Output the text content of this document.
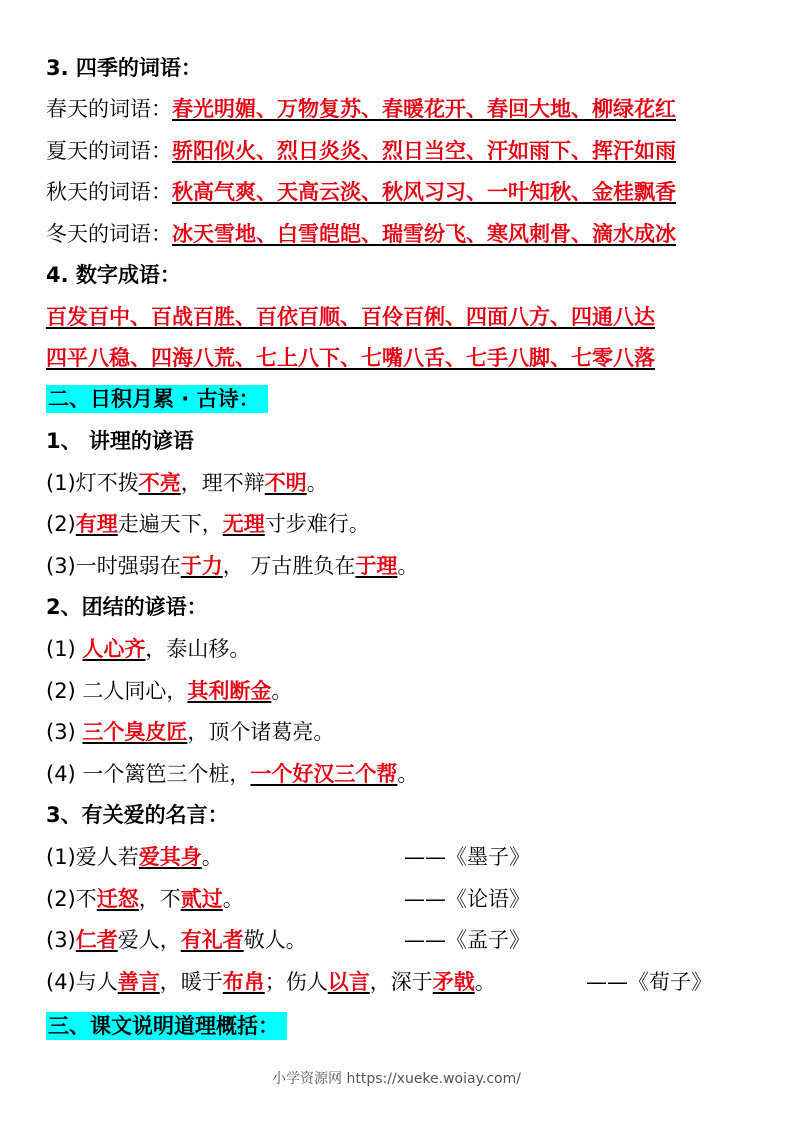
3. 四季的词语：
春天的词语：春光明媚、万物复苏、春暖花开、春回大地、柳绿花红
夏天的词语：骄阳似火、烈日炎炎、烈日当空、汗如雨下、挥汗如雨
秋天的词语：秋高气爽、天高云淡、秋风习习、一叶知秋、金桂飘香
冬天的词语：冰天雪地、白雪皑皑、瑞雪纷飞、寒风刺骨、滴水成冰
4. 数字成语：
百发百中、百战百胜、百依百顺、百伶百俐、四面八方、四通八达
四平八稳、四海八荒、七上八下、七嘴八舌、七手八脚、七零八落
二、日积月累 · 古诗：
1、 讲理的谚语
(1)灯不拨不亮，理不辩不明。
(2)有理走遍天下，无理寸步难行。
(3)一时强弱在于力， 万古胜负在于理。
2、团结的谚语：
(1) 人心齐，泰山移。
(2) 二人同心，其利断金。
(3) 三个臭皮匠，顶个诸葛亮。
(4) 一个篱笆三个桩，一个好汉三个帮。
3、有关爱的名言：
(1)爱人若爱其身。	——《墨子》
(2)不迁怒，不贰过。	——《论语》
(3)仁者爱人，有礼者敬人。	——《孟子》
(4)与人善言，暖于布帛；伤人以言，深于矛戟。	——《荀子》
三、课文说明道理概括：
小学资源网 https://xueke.woiay.com/
